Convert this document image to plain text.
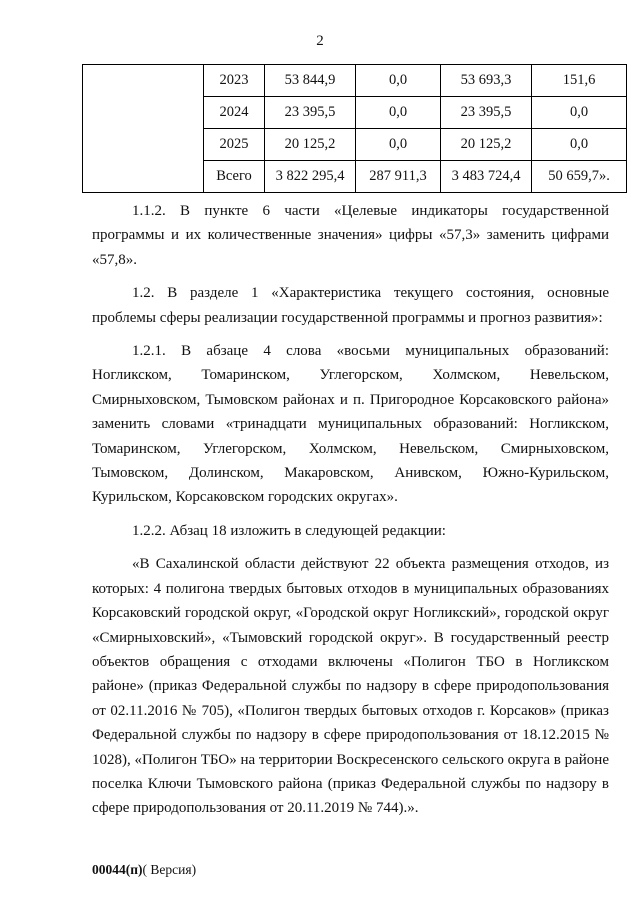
2
	2023	53 844,9	0,0	53 693,3	151,6
	2024	23 395,5	0,0	23 395,5	0,0
	2025	20 125,2	0,0	20 125,2	0,0
	Всего	3 822 295,4	287 911,3	3 483 724,4	50 659,7».

1.1.2. В пункте 6 части «Целевые индикаторы государственной программы и их количественные значения» цифры «57,3» заменить цифрами «57,8».

1.2. В разделе 1 «Характеристика текущего состояния, основные проблемы сферы реализации государственной программы и прогноз развития»:

1.2.1. В абзаце 4 слова «восьми муниципальных образований: Ногликском, Томаринском, Углегорском, Холмском, Невельском, Смирныховском, Тымовском районах и п. Пригородное Корсаковского района» заменить словами «тринадцати муниципальных образований: Ногликском, Томаринском, Углегорском, Холмском, Невельском, Смирныховском, Тымовском, Долинском, Макаровском, Анивском, Южно-Курильском, Курильском, Корсаковском городских округах».

1.2.2. Абзац 18 изложить в следующей редакции:

«В Сахалинской области действуют 22 объекта размещения отходов, из которых: 4 полигона твердых бытовых отходов в муниципальных образованиях Корсаковский городской округ, «Городской округ Ногликский», городской округ «Смирныховский», «Тымовский городской округ». В государственный реестр объектов обращения с отходами включены «Полигон ТБО в Ногликском районе» (приказ Федеральной службы по надзору в сфере природопользования от 02.11.2016 № 705), «Полигон твердых бытовых отходов г. Корсаков» (приказ Федеральной службы по надзору в сфере природопользования от 18.12.2015 № 1028), «Полигон ТБО» на территории Воскресенского сельского округа в районе поселка Ключи Тымовского района (приказ Федеральной службы по надзору в сфере природопользования от 20.11.2019 № 744).».

00044(п)( Версия)
